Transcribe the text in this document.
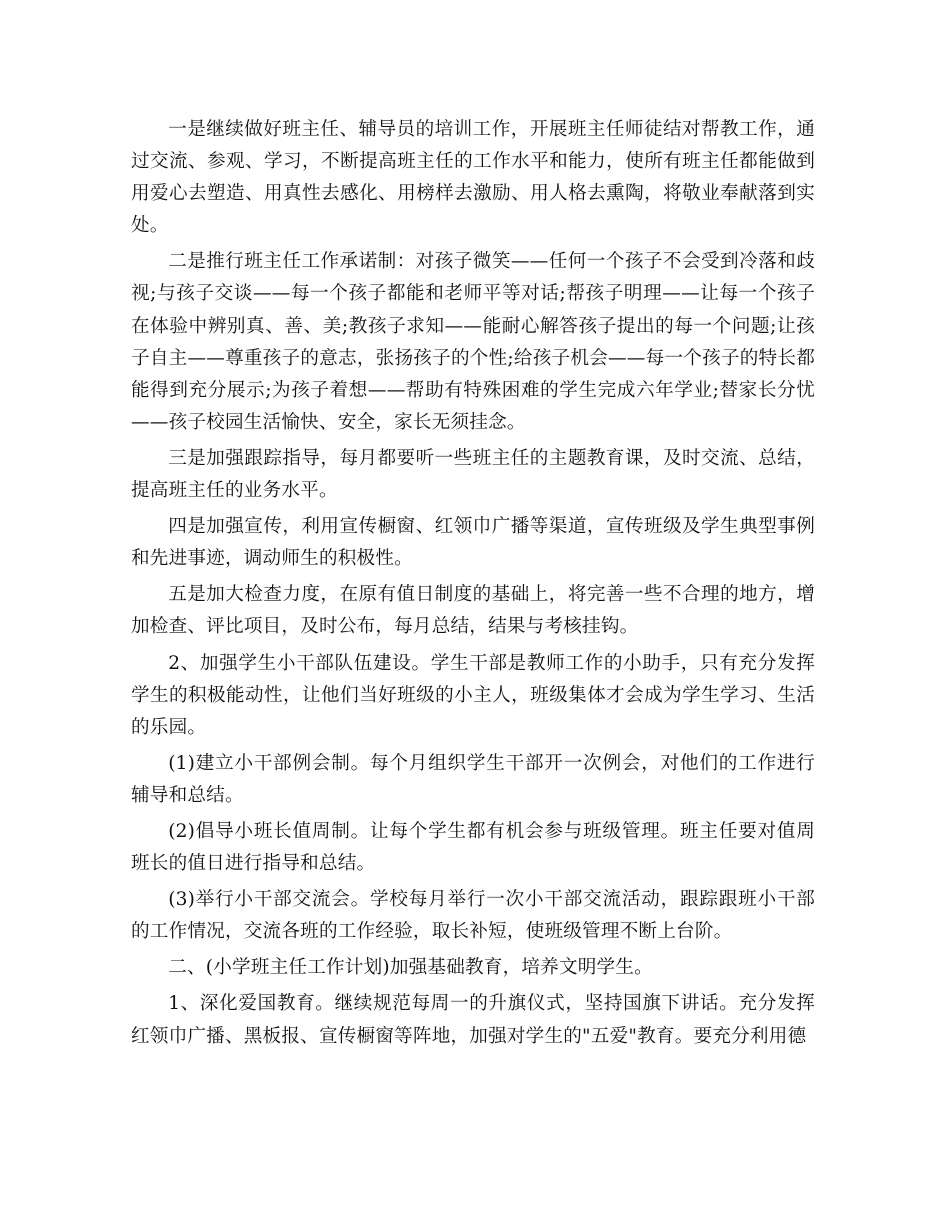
一是继续做好班主任、辅导员的培训工作，开展班主任师徒结对帮教工作，通过交流、参观、学习，不断提高班主任的工作水平和能力，使所有班主任都能做到用爱心去塑造、用真性去感化、用榜样去激励、用人格去熏陶，将敬业奉献落到实处。

二是推行班主任工作承诺制：对孩子微笑——任何一个孩子不会受到冷落和歧视;与孩子交谈——每一个孩子都能和老师平等对话;帮孩子明理——让每一个孩子在体验中辨别真、善、美;教孩子求知——能耐心解答孩子提出的每一个问题;让孩子自主——尊重孩子的意志，张扬孩子的个性;给孩子机会——每一个孩子的特长都能得到充分展示;为孩子着想——帮助有特殊困难的学生完成六年学业;替家长分忧——孩子校园生活愉快、安全，家长无须挂念。

三是加强跟踪指导，每月都要听一些班主任的主题教育课，及时交流、总结，提高班主任的业务水平。

四是加强宣传，利用宣传橱窗、红领巾广播等渠道，宣传班级及学生典型事例和先进事迹，调动师生的积极性。

五是加大检查力度，在原有值日制度的基础上，将完善一些不合理的地方，增加检查、评比项目，及时公布，每月总结，结果与考核挂钩。

2、加强学生小干部队伍建设。学生干部是教师工作的小助手，只有充分发挥学生的积极能动性，让他们当好班级的小主人，班级集体才会成为学生学习、生活的乐园。

(1)建立小干部例会制。每个月组织学生干部开一次例会，对他们的工作进行辅导和总结。

(2)倡导小班长值周制。让每个学生都有机会参与班级管理。班主任要对值周班长的值日进行指导和总结。

(3)举行小干部交流会。学校每月举行一次小干部交流活动，跟踪跟班小干部的工作情况，交流各班的工作经验，取长补短，使班级管理不断上台阶。

二、(小学班主任工作计划)加强基础教育，培养文明学生。

1、深化爱国教育。继续规范每周一的升旗仪式，坚持国旗下讲话。充分发挥红领巾广播、黑板报、宣传橱窗等阵地，加强对学生的"五爱"教育。要充分利用德
